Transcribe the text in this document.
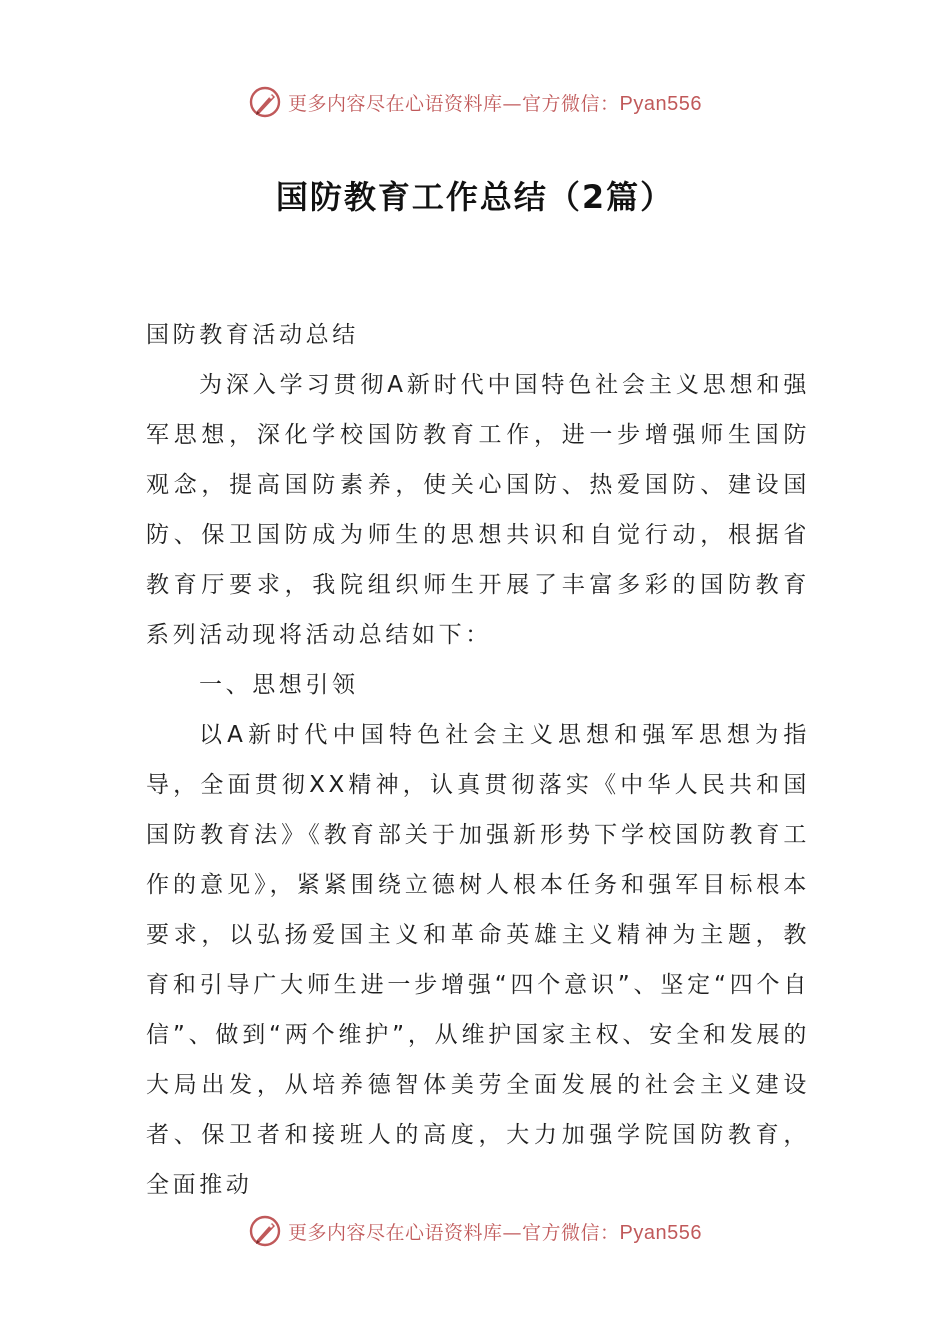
更多内容尽在心语资料库—官方微信：Pyan556
国防教育工作总结（2篇）

国防教育活动总结

为深入学习贯彻A新时代中国特色社会主义思想和强军思想，深化学校国防教育工作，进一步增强师生国防观念，提高国防素养，使关心国防、热爱国防、建设国防、保卫国防成为师生的思想共识和自觉行动，根据省教育厅要求，我院组织师生开展了丰富多彩的国防教育系列活动现将活动总结如下：

一、思想引领

以A新时代中国特色社会主义思想和强军思想为指导，全面贯彻XX精神，认真贯彻落实《中华人民共和国国防教育法》《教育部关于加强新形势下学校国防教育工作的意见》，紧紧围绕立德树人根本任务和强军目标根本要求，以弘扬爱国主义和革命英雄主义精神为主题，教育和引导广大师生进一步增强“四个意识”、坚定“四个自信”、做到“两个维护”，从维护国家主权、安全和发展的大局出发，从培养德智体美劳全面发展的社会主义建设者、保卫者和接班人的高度，大力加强学院国防教育，全面推动

更多内容尽在心语资料库—官方微信：Pyan556
